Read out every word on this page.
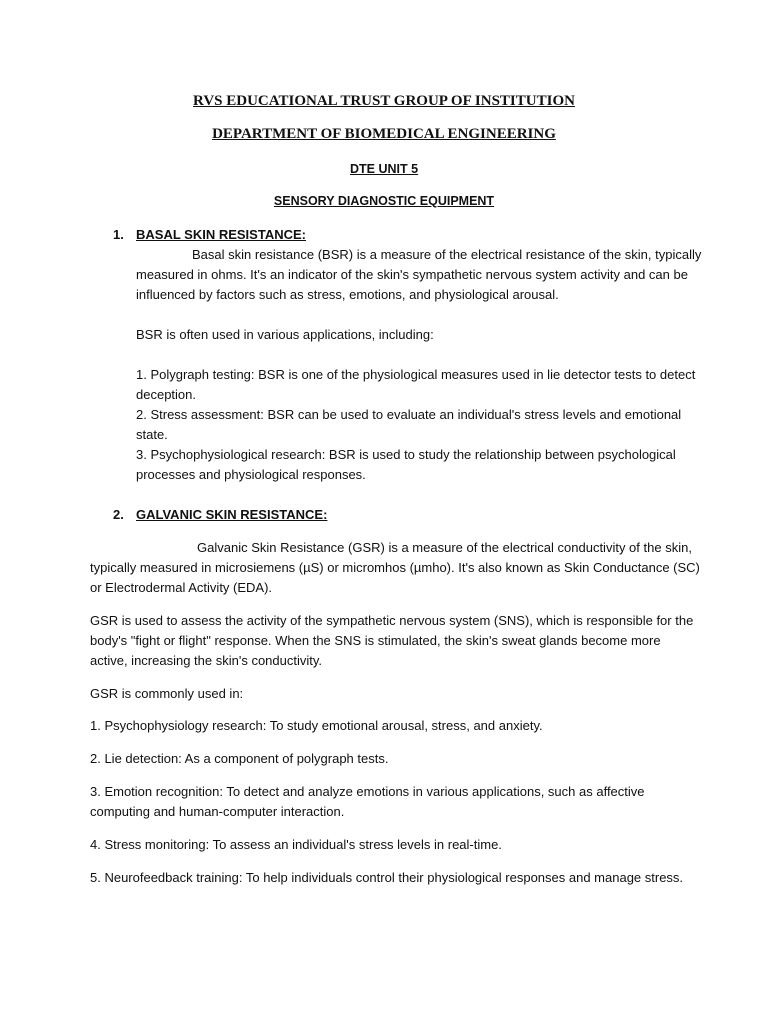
RVS EDUCATIONAL TRUST GROUP OF INSTITUTION
DEPARTMENT OF BIOMEDICAL ENGINEERING
DTE UNIT 5
SENSORY DIAGNOSTIC EQUIPMENT
1. BASAL SKIN RESISTANCE:
Basal skin resistance (BSR) is a measure of the electrical resistance of the skin, typically
measured in ohms. It's an indicator of the skin's sympathetic nervous system activity and can be
influenced by factors such as stress, emotions, and physiological arousal.
BSR is often used in various applications, including:
1. Polygraph testing: BSR is one of the physiological measures used in lie detector tests to detect
deception.
2. Stress assessment: BSR can be used to evaluate an individual's stress levels and emotional
state.
3. Psychophysiological research: BSR is used to study the relationship between psychological
processes and physiological responses.
2. GALVANIC SKIN RESISTANCE:
Galvanic Skin Resistance (GSR) is a measure of the electrical conductivity of the skin,
typically measured in microsiemens (µS) or micromhos (µmho). It's also known as Skin Conductance (SC)
or Electrodermal Activity (EDA).
GSR is used to assess the activity of the sympathetic nervous system (SNS), which is responsible for the
body's "fight or flight" response. When the SNS is stimulated, the skin's sweat glands become more
active, increasing the skin's conductivity.
GSR is commonly used in:
1. Psychophysiology research: To study emotional arousal, stress, and anxiety.
2. Lie detection: As a component of polygraph tests.
3. Emotion recognition: To detect and analyze emotions in various applications, such as affective
computing and human-computer interaction.
4. Stress monitoring: To assess an individual's stress levels in real-time.
5. Neurofeedback training: To help individuals control their physiological responses and manage stress.
